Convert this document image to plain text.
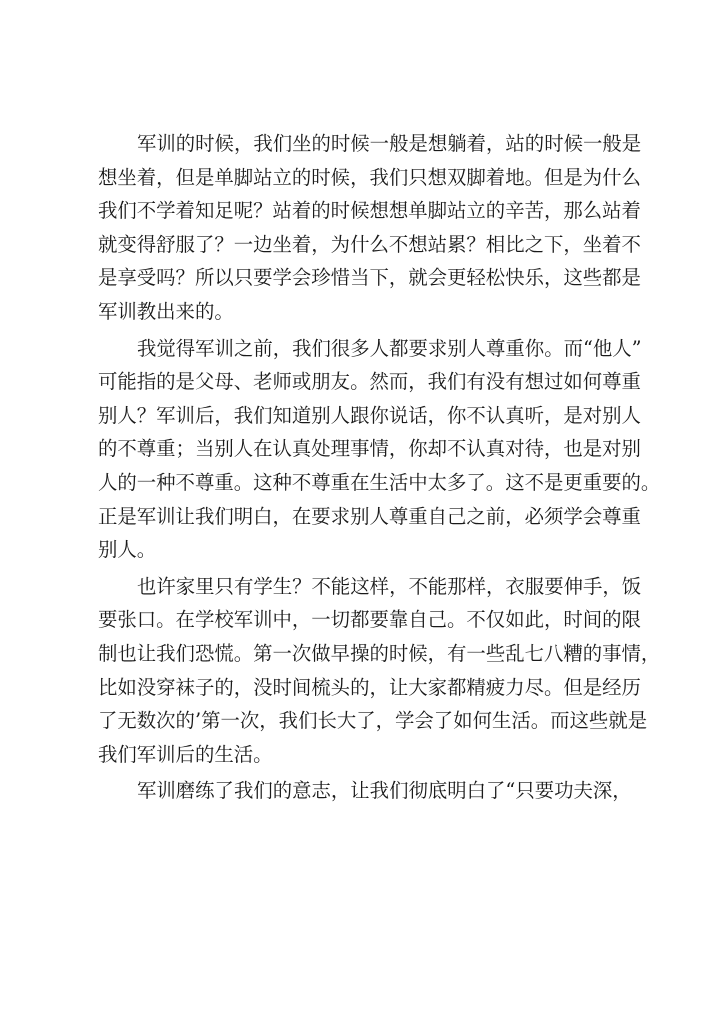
军训的时候，我们坐的时候一般是想躺着，站的时候一般是
想坐着，但是单脚站立的时候，我们只想双脚着地。但是为什么
我们不学着知足呢？站着的时候想想单脚站立的辛苦，那么站着
就变得舒服了？一边坐着，为什么不想站累？相比之下，坐着不
是享受吗？所以只要学会珍惜当下，就会更轻松快乐，这些都是
军训教出来的。
我觉得军训之前，我们很多人都要求别人尊重你。而“他人”
可能指的是父母、老师或朋友。然而，我们有没有想过如何尊重
别人？军训后，我们知道别人跟你说话，你不认真听，是对别人
的不尊重；当别人在认真处理事情，你却不认真对待，也是对别
人的一种不尊重。这种不尊重在生活中太多了。这不是更重要的。
正是军训让我们明白，在要求别人尊重自己之前，必须学会尊重
别人。
也许家里只有学生？不能这样，不能那样，衣服要伸手，饭
要张口。在学校军训中，一切都要靠自己。不仅如此，时间的限
制也让我们恐慌。第一次做早操的时候，有一些乱七八糟的事情，
比如没穿袜子的，没时间梳头的，让大家都精疲力尽。但是经历
了无数次的’第一次，我们长大了，学会了如何生活。而这些就是
我们军训后的生活。
军训磨练了我们的意志，让我们彻底明白了“只要功夫深，
